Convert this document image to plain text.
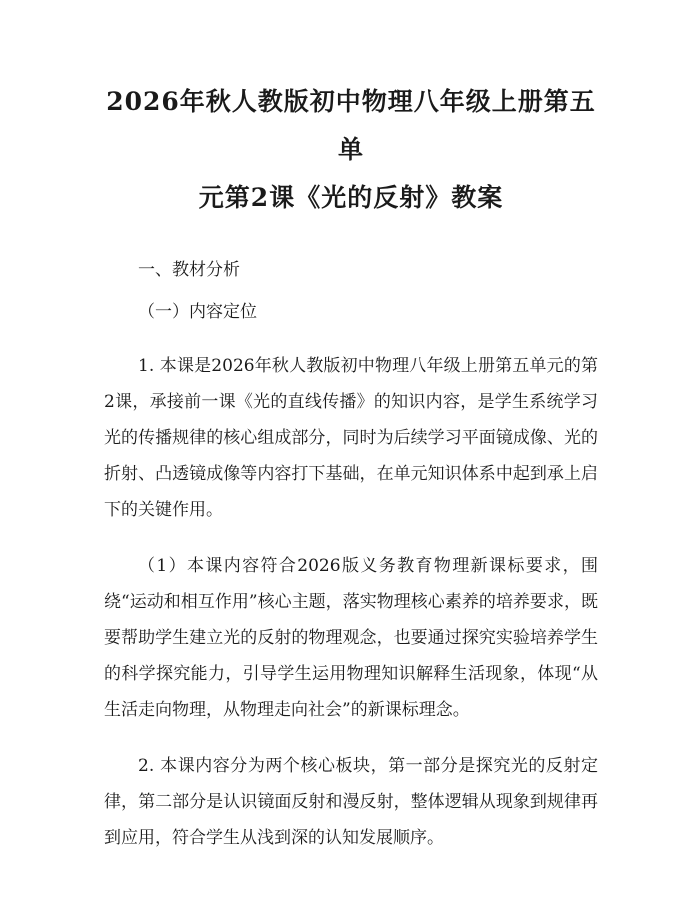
2026年秋人教版初中物理八年级上册第五单
元第2课《光的反射》教案

一、教材分析

（一）内容定位

1. 本课是2026年秋人教版初中物理八年级上册第五单元的第2课，承接前一课《光的直线传播》的知识内容，是学生系统学习光的传播规律的核心组成部分，同时为后续学习平面镜成像、光的折射、凸透镜成像等内容打下基础，在单元知识体系中起到承上启下的关键作用。

（1）本课内容符合2026版义务教育物理新课标要求，围绕“运动和相互作用”核心主题，落实物理核心素养的培养要求，既要帮助学生建立光的反射的物理观念，也要通过探究实验培养学生的科学探究能力，引导学生运用物理知识解释生活现象，体现“从生活走向物理，从物理走向社会”的新课标理念。

2. 本课内容分为两个核心板块，第一部分是探究光的反射定律，第二部分是认识镜面反射和漫反射，整体逻辑从现象到规律再到应用，符合学生从浅到深的认知发展顺序。
